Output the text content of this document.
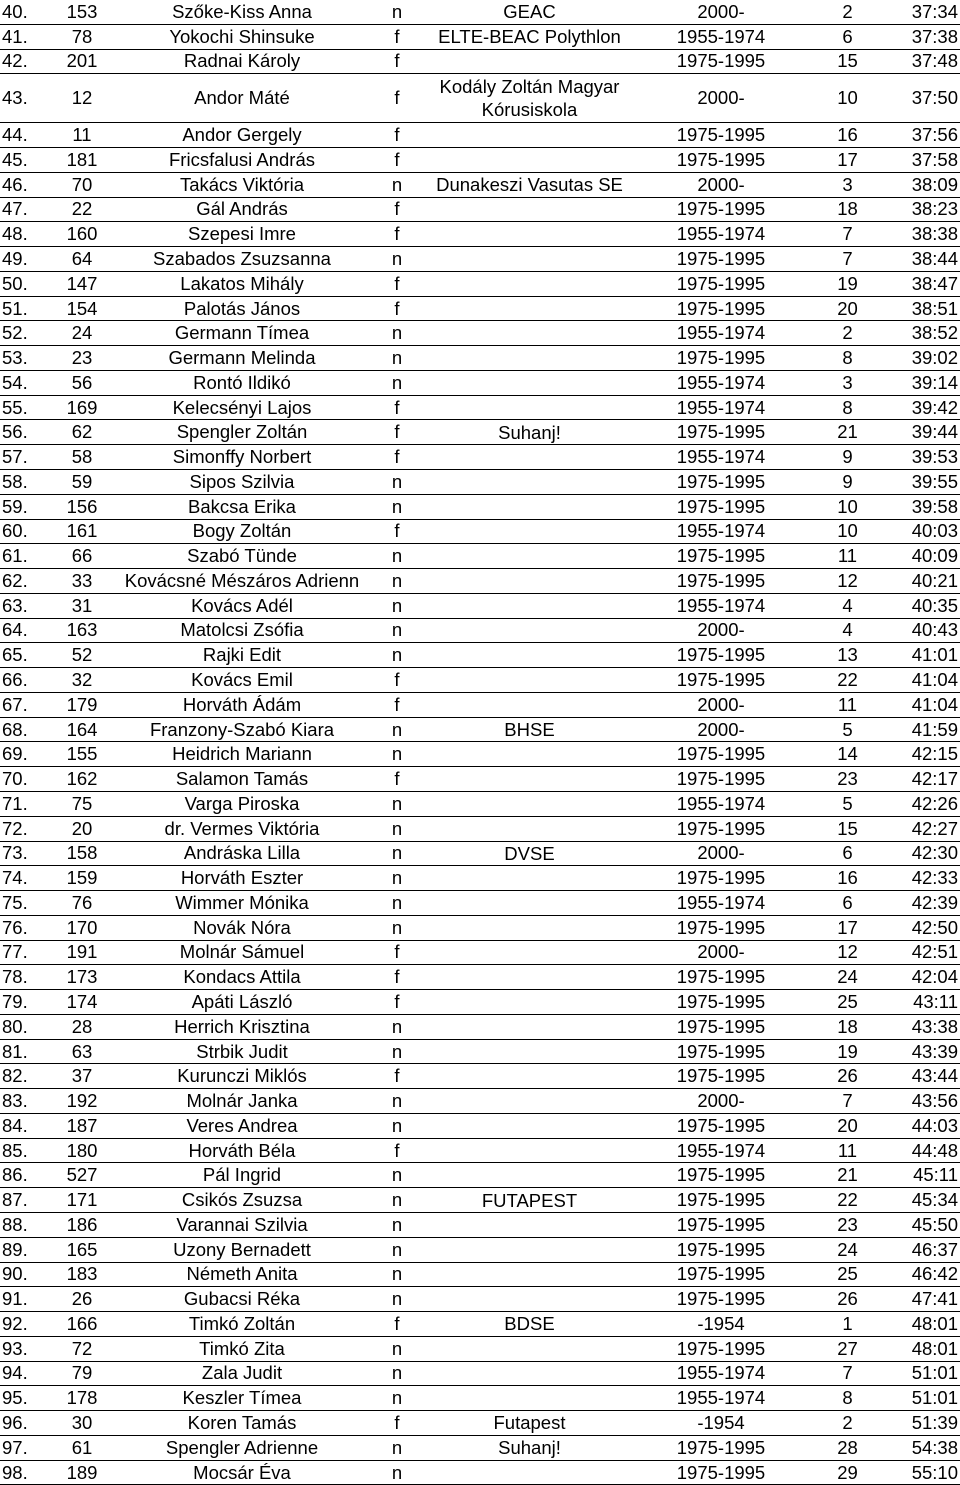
40.	153	Szőke-Kiss Anna	n	GEAC	2000-	2	37:34
41.	78	Yokochi Shinsuke	f	ELTE-BEAC Polythlon	1955-1974	6	37:38
42.	201	Radnai Károly	f		1975-1995	15	37:48
43.	12	Andor Máté	f	Kodály Zoltán Magyar Kórusiskola	2000-	10	37:50
44.	11	Andor Gergely	f		1975-1995	16	37:56
45.	181	Fricsfalusi András	f		1975-1995	17	37:58
46.	70	Takács Viktória	n	Dunakeszi Vasutas SE	2000-	3	38:09
47.	22	Gál András	f		1975-1995	18	38:23
48.	160	Szepesi Imre	f		1955-1974	7	38:38
49.	64	Szabados Zsuzsanna	n		1975-1995	7	38:44
50.	147	Lakatos Mihály	f		1975-1995	19	38:47
51.	154	Palotás János	f		1975-1995	20	38:51
52.	24	Germann Tímea	n		1955-1974	2	38:52
53.	23	Germann Melinda	n		1975-1995	8	39:02
54.	56	Rontó Ildikó	n		1955-1974	3	39:14
55.	169	Kelecsényi Lajos	f		1955-1974	8	39:42
56.	62	Spengler Zoltán	f	Suhanj!	1975-1995	21	39:44
57.	58	Simonffy Norbert	f		1955-1974	9	39:53
58.	59	Sipos Szilvia	n		1975-1995	9	39:55
59.	156	Bakcsa Erika	n		1975-1995	10	39:58
60.	161	Bogy Zoltán	f		1955-1974	10	40:03
61.	66	Szabó Tünde	n		1975-1995	11	40:09
62.	33	Kovácsné Mészáros Adrienn	n		1975-1995	12	40:21
63.	31	Kovács Adél	n		1955-1974	4	40:35
64.	163	Matolcsi Zsófia	n		2000-	4	40:43
65.	52	Rajki Edit	n		1975-1995	13	41:01
66.	32	Kovács Emil	f		1975-1995	22	41:04
67.	179	Horváth Ádám	f		2000-	11	41:04
68.	164	Franzony-Szabó Kiara	n	BHSE	2000-	5	41:59
69.	155	Heidrich Mariann	n		1975-1995	14	42:15
70.	162	Salamon Tamás	f		1975-1995	23	42:17
71.	75	Varga Piroska	n		1955-1974	5	42:26
72.	20	dr. Vermes Viktória	n		1975-1995	15	42:27
73.	158	Andráska Lilla	n	DVSE	2000-	6	42:30
74.	159	Horváth Eszter	n		1975-1995	16	42:33
75.	76	Wimmer Mónika	n		1955-1974	6	42:39
76.	170	Novák Nóra	n		1975-1995	17	42:50
77.	191	Molnár Sámuel	f		2000-	12	42:51
78.	173	Kondacs Attila	f		1975-1995	24	42:04
79.	174	Apáti László	f		1975-1995	25	43:11
80.	28	Herrich Krisztina	n		1975-1995	18	43:38
81.	63	Strbik Judit	n		1975-1995	19	43:39
82.	37	Kurunczi Miklós	f		1975-1995	26	43:44
83.	192	Molnár Janka	n		2000-	7	43:56
84.	187	Veres Andrea	n		1975-1995	20	44:03
85.	180	Horváth Béla	f		1955-1974	11	44:48
86.	527	Pál Ingrid	n		1975-1995	21	45:11
87.	171	Csikós Zsuzsa	n	FUTAPEST	1975-1995	22	45:34
88.	186	Varannai Szilvia	n		1975-1995	23	45:50
89.	165	Uzony Bernadett	n		1975-1995	24	46:37
90.	183	Németh Anita	n		1975-1995	25	46:42
91.	26	Gubacsi Réka	n		1975-1995	26	47:41
92.	166	Timkó Zoltán	f	BDSE	-1954	1	48:01
93.	72	Timkó Zita	n		1975-1995	27	48:01
94.	79	Zala Judit	n		1955-1974	7	51:01
95.	178	Keszler Tímea	n		1955-1974	8	51:01
96.	30	Koren Tamás	f	Futapest	-1954	2	51:39
97.	61	Spengler Adrienne	n	Suhanj!	1975-1995	28	54:38
98.	189	Mocsár Éva	n		1975-1995	29	55:10
